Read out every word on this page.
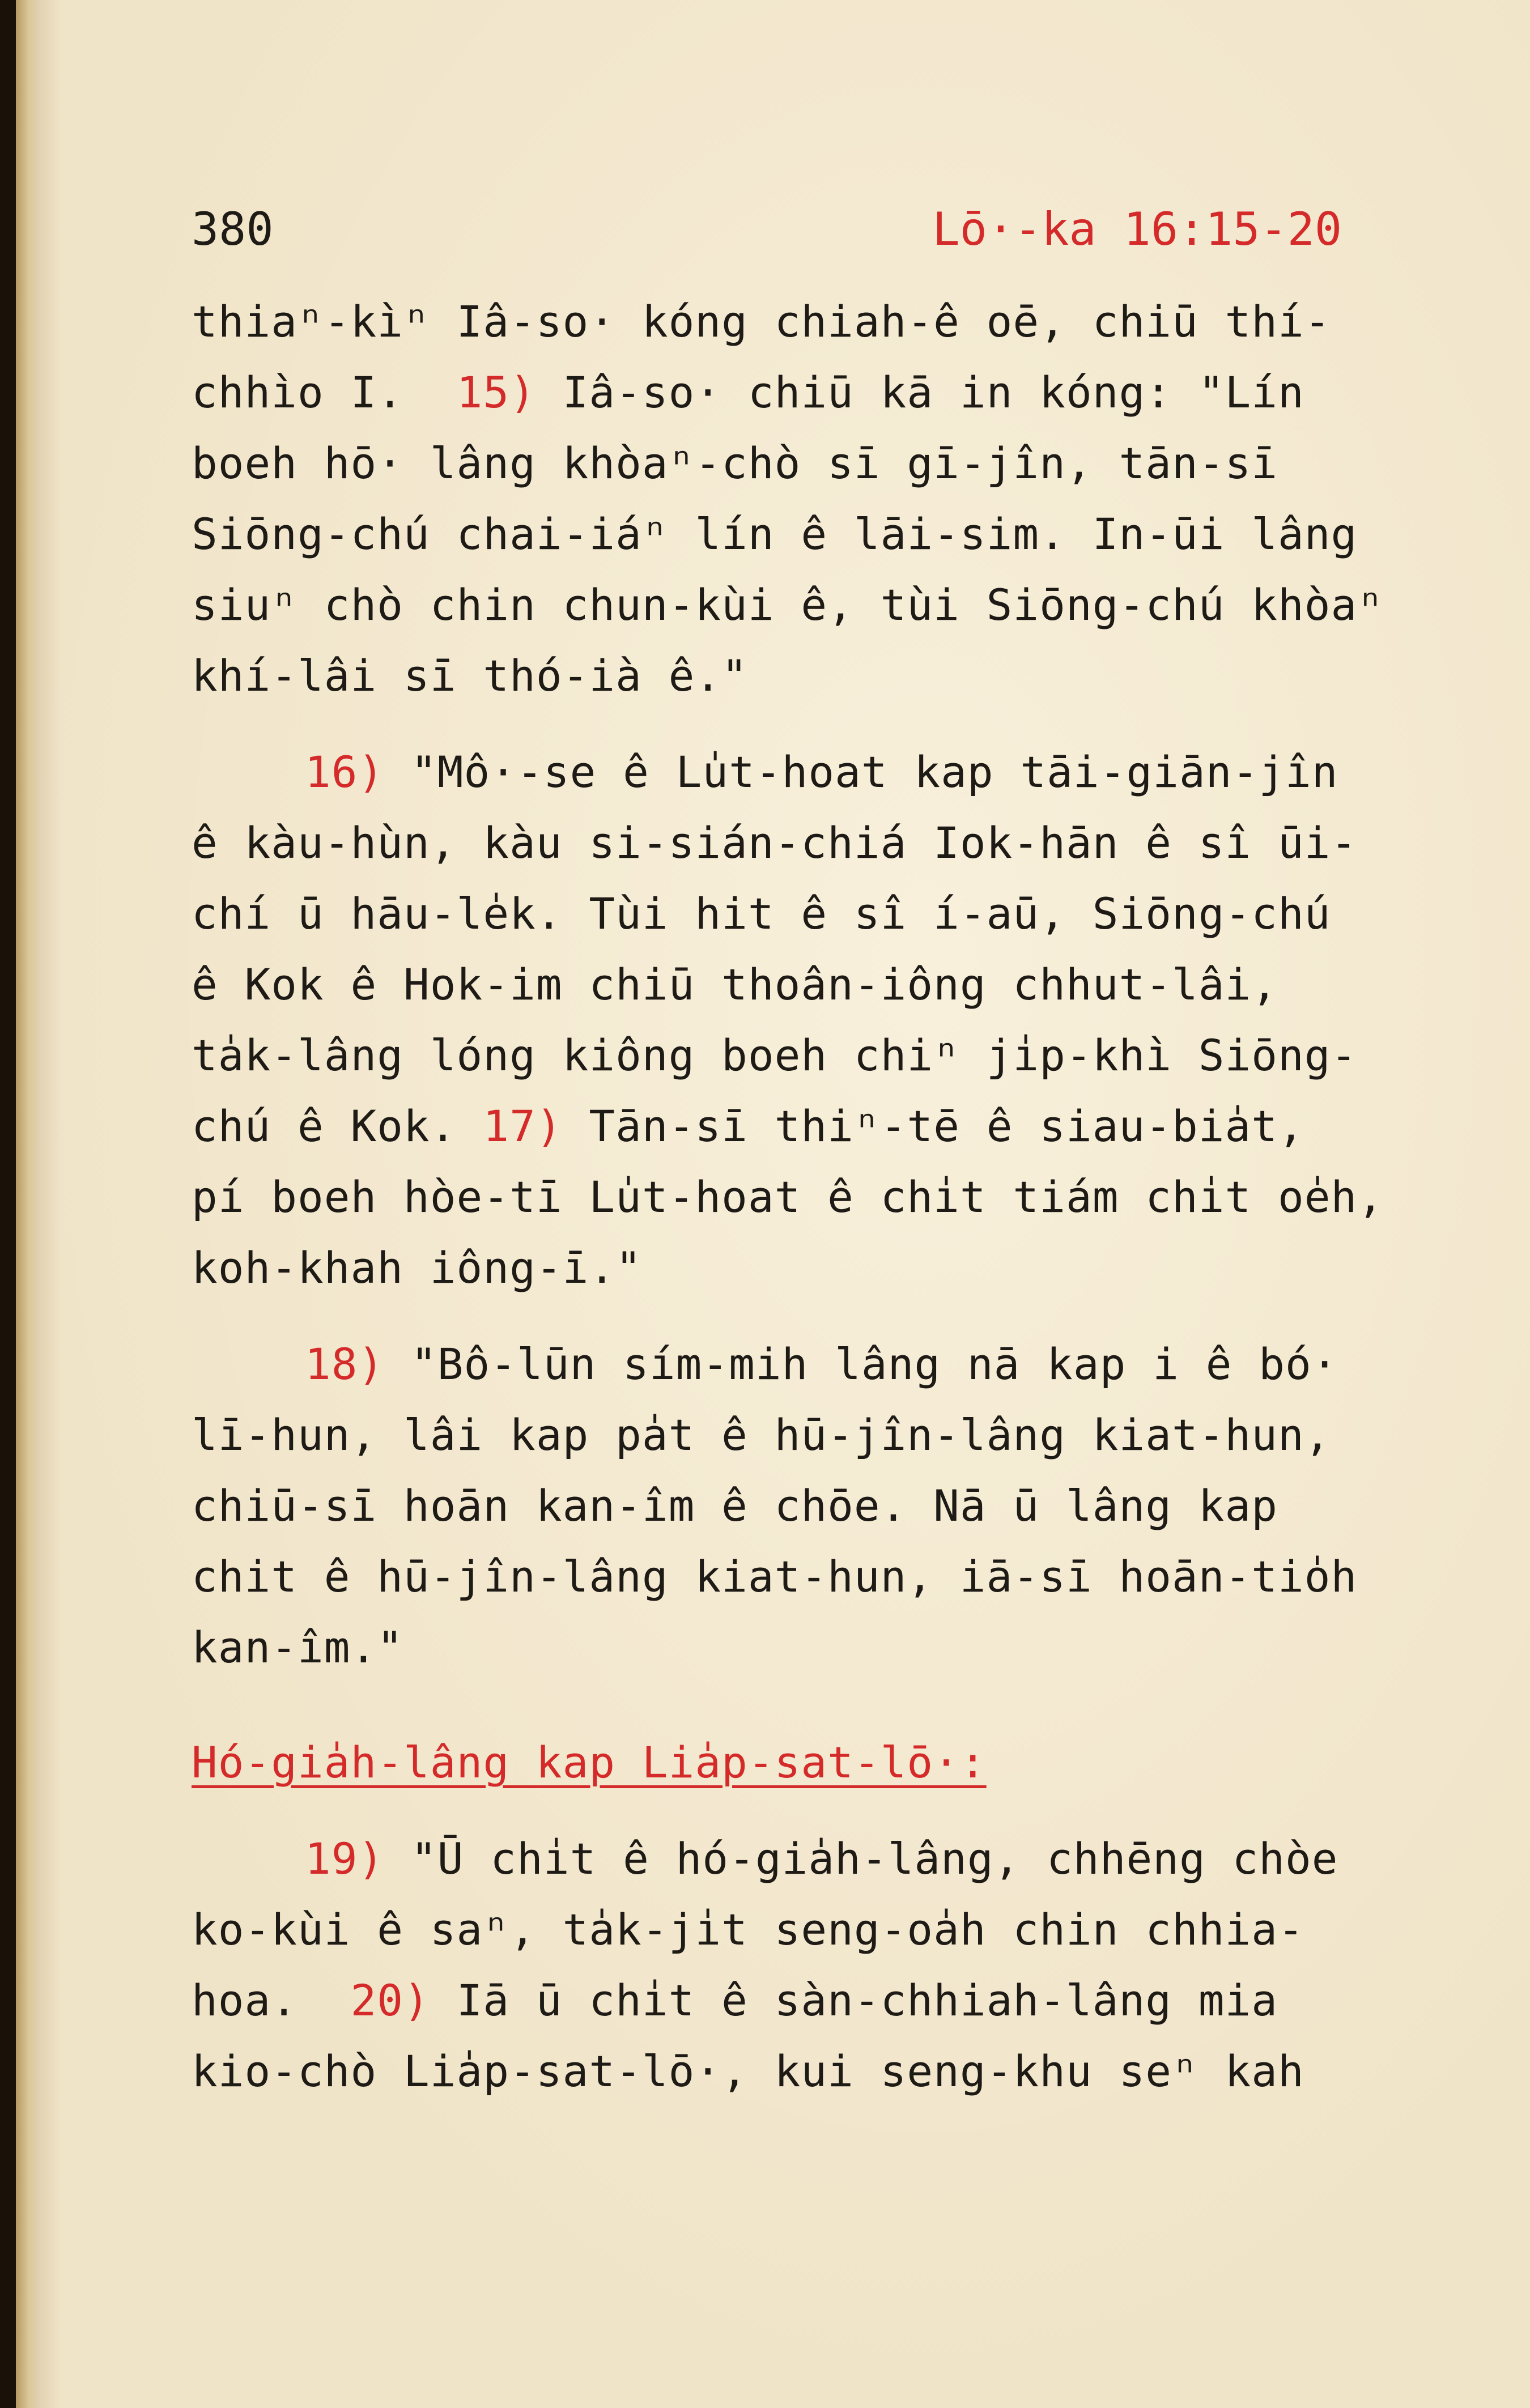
380	Lō·-ka 16:15-20
thiaⁿ-kìⁿ Iâ-so· kóng chiah-ê oē, chiū thí-
chhìo I.  15) Iâ-so· chiū kā in kóng: "Lín
boeh hō· lâng khòaⁿ-chò sī gī-jîn, tān-sī
Siōng-chú chai-iáⁿ lín ê lāi-sim. In-ūi lâng
siuⁿ chò chin chun-kùi ê, tùi Siōng-chú khòaⁿ
khí-lâi sī thó-ià ê."
16) "Mô·-se ê Lu̍t-hoat kap tāi-giān-jîn
ê kàu-hùn, kàu si-sián-chiá Iok-hān ê sî ūi-
chí ū hāu-le̍k. Tùi hit ê sî í-aū, Siōng-chú
ê Kok ê Hok-im chiū thoân-iông chhut-lâi,
ta̍k-lâng lóng kiông boeh chiⁿ ji̍p-khì Siōng-
chú ê Kok. 17) Tān-sī thiⁿ-tē ê siau-bia̍t,
pí boeh hòe-tī Lu̍t-hoat ê chi̍t tiám chi̍t oe̍h,
koh-khah iông-ī."
18) "Bô-lūn sím-mih lâng nā kap i ê bó·
lī-hun, lâi kap pa̍t ê hū-jîn-lâng kiat-hun,
chiū-sī hoān kan-îm ê chōe. Nā ū lâng kap
chit ê hū-jîn-lâng kiat-hun, iā-sī hoān-tio̍h
kan-îm."
Hó-gia̍h-lâng kap Lia̍p-sat-lō·:
19) "Ū chi̍t ê hó-gia̍h-lâng, chhēng chòe
ko-kùi ê saⁿ, ta̍k-ji̍t seng-oa̍h chin chhia-
hoa.  20) Iā ū chi̍t ê sàn-chhiah-lâng mia
kio-chò Lia̍p-sat-lō·, kui seng-khu seⁿ kah
